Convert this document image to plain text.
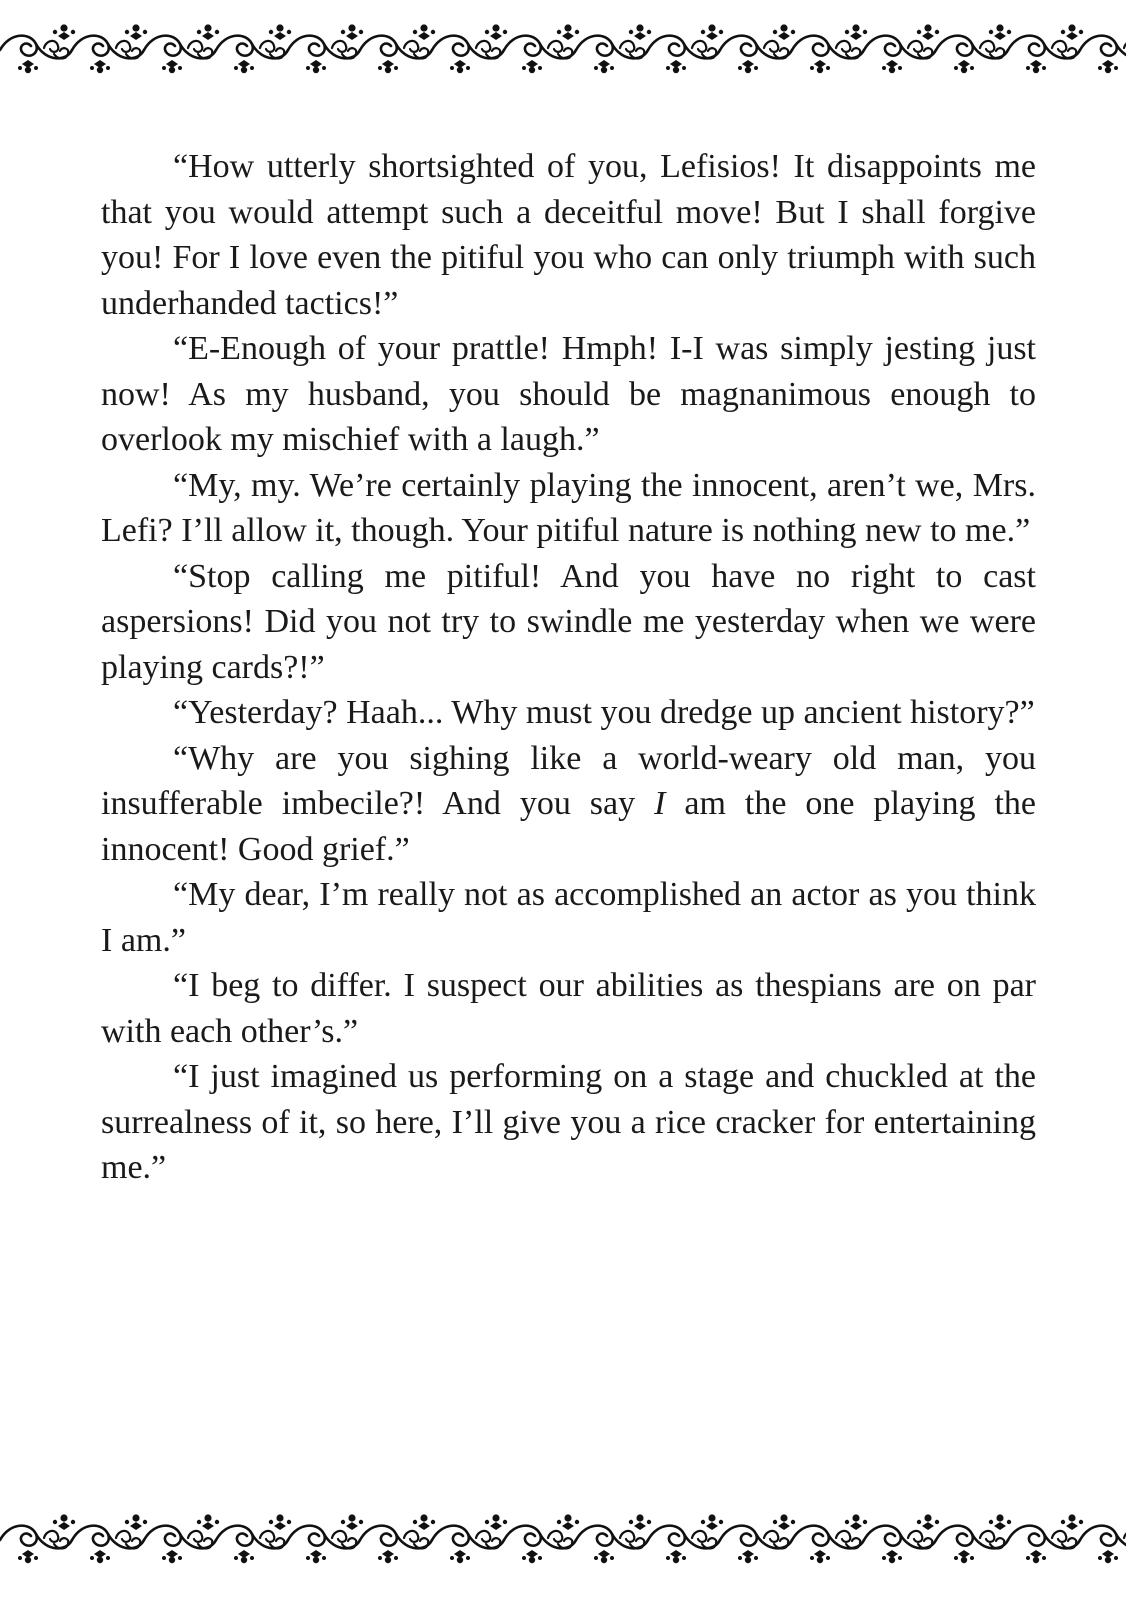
“How utterly shortsighted of you, Lefisios! It disappoints me that you would attempt such a deceitful move! But I shall forgive you! For I love even the pitiful you who can only triumph with such underhanded tactics!”

“E-Enough of your prattle! Hmph! I-I was simply jesting just now! As my husband, you should be magnanimous enough to overlook my mischief with a laugh.”

“My, my. We’re certainly playing the innocent, aren’t we, Mrs. Lefi? I’ll allow it, though. Your pitiful nature is nothing new to me.”

“Stop calling me pitiful! And you have no right to cast aspersions! Did you not try to swindle me yesterday when we were playing cards?!”

“Yesterday? Haah... Why must you dredge up ancient history?”

“Why are you sighing like a world-weary old man, you insufferable imbecile?! And you say I am the one playing the innocent! Good grief.”

“My dear, I’m really not as accomplished an actor as you think I am.”

“I beg to differ. I suspect our abilities as thespians are on par with each other’s.”

“I just imagined us performing on a stage and chuckled at the surrealness of it, so here, I’ll give you a rice cracker for entertaining me.”
